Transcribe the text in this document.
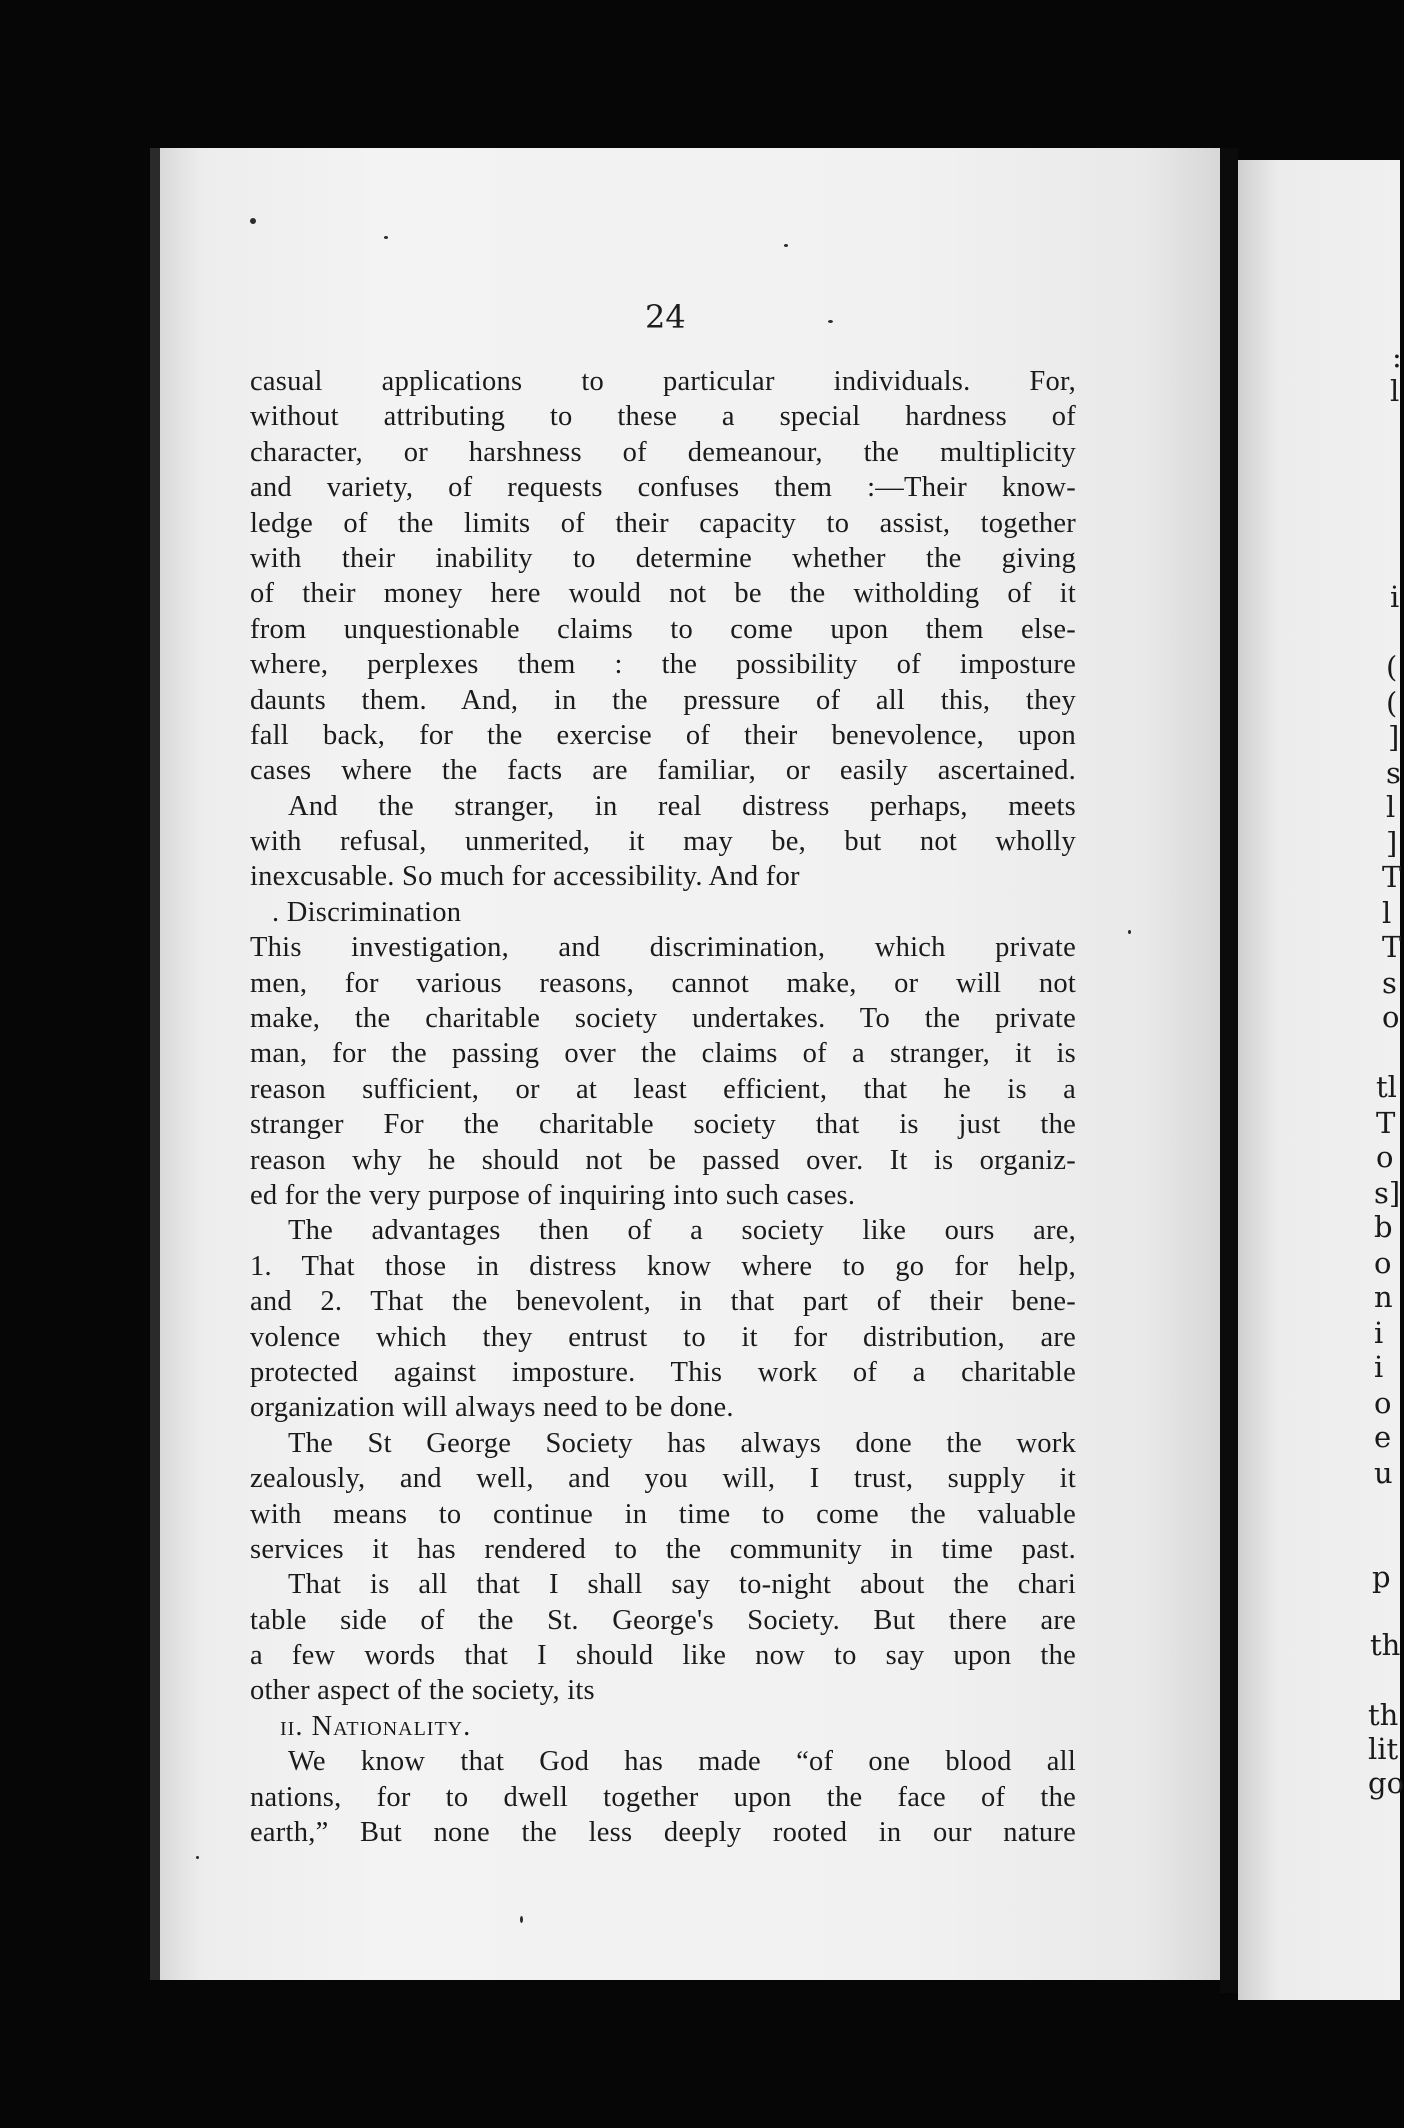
24
casual applications to particular individuals. For,
without attributing to these a special hardness of
character, or harshness of demeanour, the multiplicity
and variety, of requests confuses them :—Their know-
ledge of the limits of their capacity to assist, together
with their inability to determine whether the giving
of their money here would not be the witholding of it
from unquestionable claims to come upon them else-
where, perplexes them : the possibility of imposture
daunts them. And, in the pressure of all this, they
fall back, for the exercise of their benevolence, upon
cases where the facts are familiar, or easily ascertained.
And the stranger, in real distress perhaps, meets
with refusal, unmerited, it may be, but not wholly
inexcusable. So much for accessibility. And for
. Discrimination
This investigation, and discrimination, which private
men, for various reasons, cannot make, or will not
make, the charitable society undertakes. To the private
man, for the passing over the claims of a stranger, it is
reason sufficient, or at least efficient, that he is a
stranger For the charitable society that is just the
reason why he should not be passed over. It is organiz-
ed for the very purpose of inquiring into such cases.
The advantages then of a society like ours are,
1. That those in distress know where to go for help,
and 2. That the benevolent, in that part of their bene-
volence which they entrust to it for distribution, are
protected against imposture. This work of a charitable
organization will always need to be done.
The St George Society has always done the work
zealously, and well, and you will, I trust, supply it
with means to continue in time to come the valuable
services it has rendered to the community in time past.
That is all that I shall say to-night about the chari
table side of the St. George's Society. But there are
a few words that I should like now to say upon the
other aspect of the society, its
ii. Nationality.
We know that God has made “of one blood all
nations, for to dwell together upon the face of the
earth,” But none the less deeply rooted in our nature
:
l
i
(
(
]
s
l
]
T
l
T
s
o
tl
T
o
s]
b
o
n
i
i
o
e
u
p
th
th
lit
go
